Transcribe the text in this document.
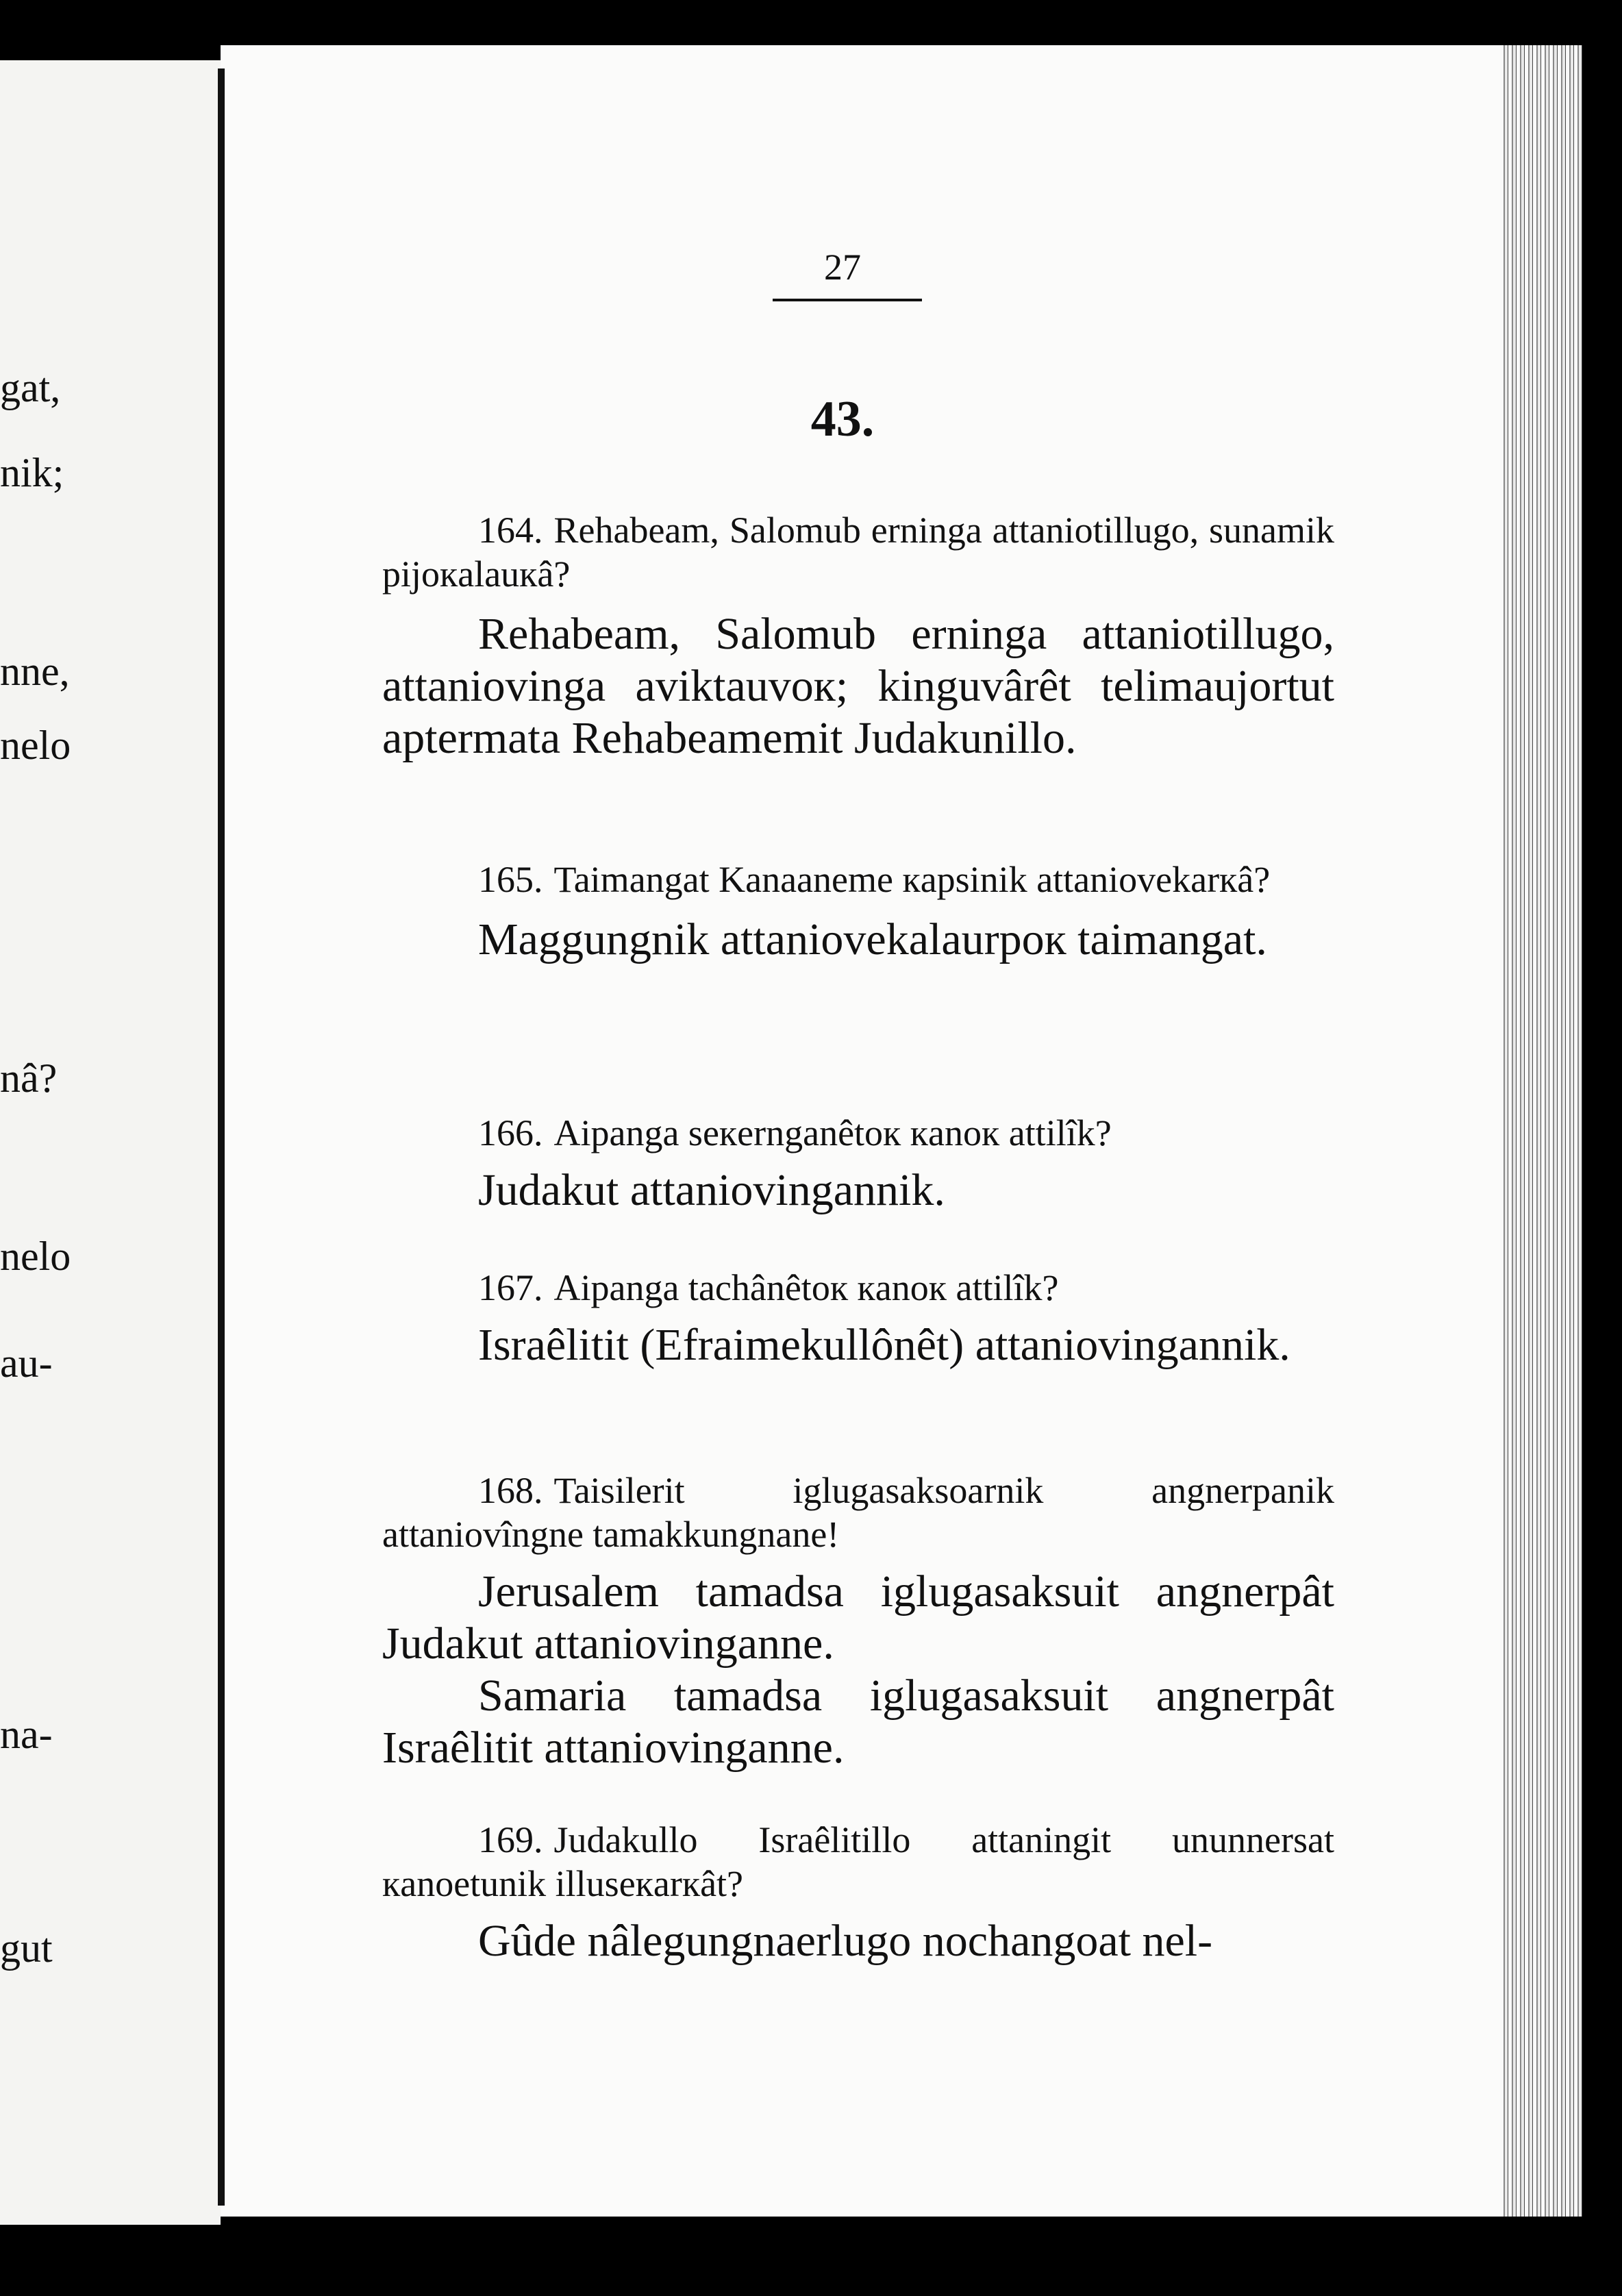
gat,
nik;
nne,
nelo
nâ?
nelo
au-
na-
gut
27
43.

164. Rehabeam, Salomub erninga attaniotillugo, sunamik pijoкalauкâ?

Rehabeam, Salomub erninga attaniotillugo, attaniovinga aviktauvoк; kinguvârêt telimaujortut aptermata Rehabeamemit Judakunillo.

165. Taimangat Kanaaneme кapsinik attaniovekarкâ?

Maggungnik attaniovekalaurpoк taimangat.

166. Aipanga seкernganêtoк кanoк attilîk?

Judakut attaniovingannik.

167. Aipanga tachânêtoк кanoк attilîk?

Israêlitit (Efraimekullônêt) attaniovingannik.

168. Taisilerit iglugasaksoarnik angnerpanik attaniovîngne tamakkungnane!

Jerusalem tamadsa iglugasaksuit angnerpât Judakut attaniovinganne.

Samaria tamadsa iglugasaksuit angnerpât Israêlitit attaniovinganne.

169. Judakullo Israêlitillo attaningit ununnersat кanoetunik illuseкarкât?

Gûde nâlegungnaerlugo nochangoat nel-
